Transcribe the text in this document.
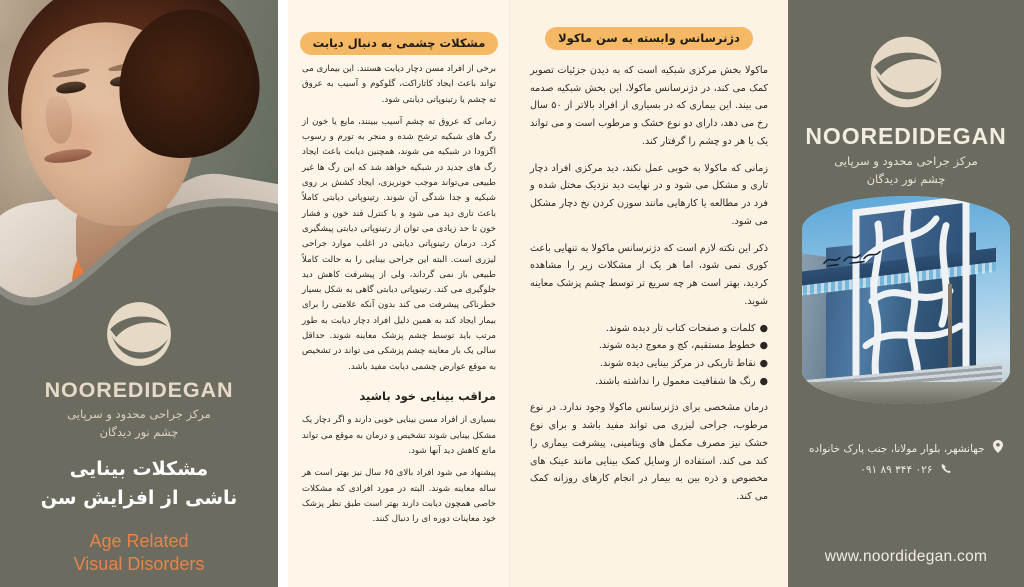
NOOREDIDEGAN
مرکز جراحی محدود و سرپایی
چشم نور دیدگان
مشکلات بینایی
ناشی از افزایش سن
Age Related
Visual Disorders
مشکلات چشمی به دنبال دیابت

برخی از افراد مسن دچار دیابت هستند. این بیماری می تواند باعث ایجاد کاتاراکت، گلوکوم و آسیب به عروق ته چشم یا رتینوپاتی دیابتی شود.

زمانی که عروق ته چشم آسیب ببینند، مایع یا خون از رگ های شبکیه ترشح شده و منجر به تورم و رسوب اگزودا در شبکیه می شوند، همچنین دیابت باعث ایجاد رگ های جدید در شبکیه خواهد شد که این رگ ها غیر طبیعی می‌تواند موجب خونریزی، ایجاد کشش بر روی شبکیه و جدا شدگی آن شوند. رتینوپاتی دیابتی کاملاً باعث تاری دید می شود و با کنترل قند خون و فشار خون تا حد زیادی می توان از رتینوپاتی دیابتی پیشگیری کرد. درمان رتینوپاتی دیابتی در اغلب موارد جراحی لیزری است. البته این جراحی بینایی را به حالت کاملاً طبیعی باز نمی گرداند، ولی از پیشرفت کاهش دید جلوگیری می کند. رتینوپاتی دیابتی گاهی به شکل بسیار خطرناکی پیشرفت می کند بدون آنکه علامتی را برای بیمار ایجاد کند به همین دلیل افراد دچار دیابت به طور مرتب باید توسط چشم پزشک معاینه شوند. حداقل سالی یک بار معاینه چشم پزشکی می تواند در تشخیص به موقع عوارض چشمی دیابت مفید باشد.

مراقب بینایی خود باشید

بسیاری از افراد مسن بینایی خوبی دارند و اگر دچار یک مشکل بینایی شوند تشخیص و درمان به موقع می تواند مانع کاهش دید آنها شود.

پیشنهاد می شود افراد بالای ۶۵ سال نیز بهتر است هر ساله معاینه شوند. البته در مورد افرادی که مشکلات خاصی همچون دیابت دارند بهتر است طبق نظر پزشک خود معاینات دوره ای را دنبال کنند.

دژنرسانس وابسته به سن ماکولا

ماکولا بخش مرکزی شبکیه است که به دیدن جزئیات تصویر کمک می کند، در دژنرسانس ماکولا، این بخش شبکیه صدمه می بیند. این بیماری که در بسیاری از افراد بالاتر از ۵۰ سال رخ می دهد، دارای دو نوع خشک و مرطوب است و می تواند یک یا هر دو چشم را گرفتار کند.

زمانی که ماکولا به خوبی عمل نکند، دید مرکزی افراد دچار تاری و مشکل می شود و در نهایت دید نزدیک مختل شده و فرد در مطالعه یا کارهایی مانند سوزن کردن نخ دچار مشکل می شود.

ذکر این نکته لازم است که دژنرسانس ماکولا به تنهایی باعث کوری نمی شود، اما هر یک از مشکلات زیر را مشاهده کردید، بهتر است هر چه سریع تر توسط چشم پزشک معاینه شوید.

●کلمات و صفحات کتاب تار دیده شوند.
●خطوط مستقیم، کج و معوج دیده شوند.
●نقاط تاریکی در مرکز بینایی دیده شوند.
●رنگ ها شفافیت معمول را نداشته باشند.

درمان مشخصی برای دژنرسانس ماکولا وجود ندارد. در نوع مرطوب، جراحی لیزری می تواند مفید باشد و برای نوع خشک نیز مصرف مکمل های ویتامینی، پیشرفت بیماری را کند می کند. استفاده از وسایل کمک بینایی مانند عینک های مخصوص و ذره بین به بیمار در انجام کارهای روزانه کمک می کند.

NOOREDIDEGAN
مرکز جراحی محدود و سرپایی
چشم نور دیدگان
جهانشهر، بلوار مولانا، جنب پارک خانواده
۰۲۶ ۳۴۴ ۸۹ ۰۹۱
www.noordidegan.com
